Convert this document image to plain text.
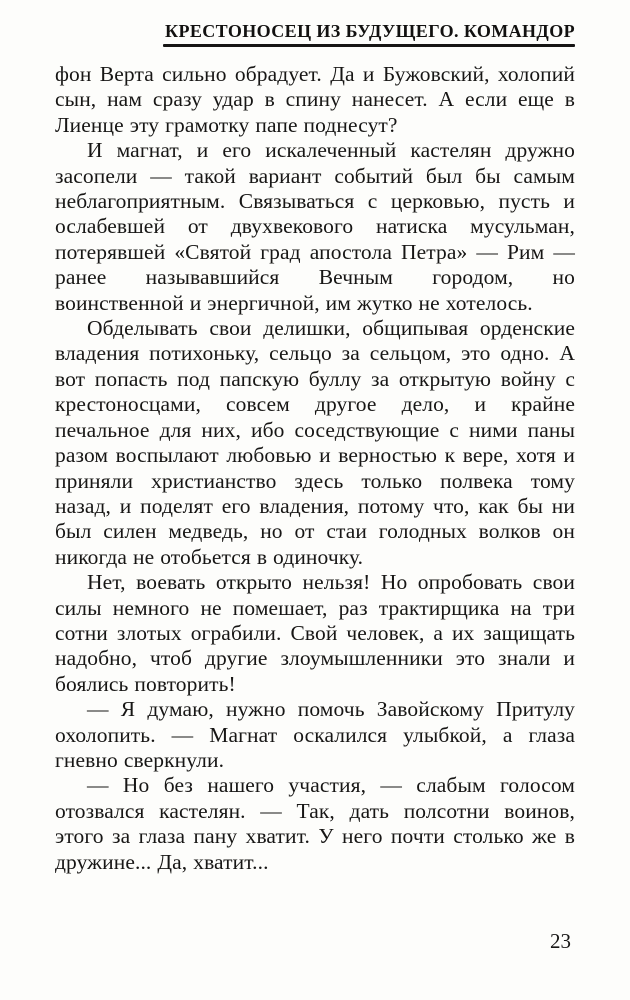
КРЕСТОНОСЕЦ ИЗ БУДУЩЕГО. КОМАНДОР

фон Верта сильно обрадует. Да и Бужовский, холопий сын, нам сразу удар в спину нанесет. А если еще в Лиенце эту грамотку папе поднесут?

И магнат, и его искалеченный кастелян дружно засопели — такой вариант событий был бы самым неблагоприятным. Связываться с церковью, пусть и ослабевшей от двухвекового натиска мусульман, потерявшей «Святой град апостола Петра» — Рим — ранее называвшийся Вечным городом, но воинственной и энергичной, им жутко не хотелось.

Обделывать свои делишки, общипывая орденские владения потихоньку, сельцо за сельцом, это одно. А вот попасть под папскую буллу за открытую войну с крестоносцами, совсем другое дело, и крайне печальное для них, ибо соседствующие с ними паны разом воспылают любовью и верностью к вере, хотя и приняли христианство здесь только полвека тому назад, и поделят его владения, потому что, как бы ни был силен медведь, но от стаи голодных волков он никогда не отобьется в одиночку.

Нет, воевать открыто нельзя! Но опробовать свои силы немного не помешает, раз трактирщика на три сотни злотых ограбили. Свой человек, а их защищать надобно, чтоб другие злоумышленники это знали и боялись повторить!

— Я думаю, нужно помочь Завойскому Притулу охолопить. — Магнат оскалился улыбкой, а глаза гневно сверкнули.

— Но без нашего участия, — слабым голосом отозвался кастелян. — Так, дать полсотни воинов, этого за глаза пану хватит. У него почти столько же в дружине... Да, хватит...

23
